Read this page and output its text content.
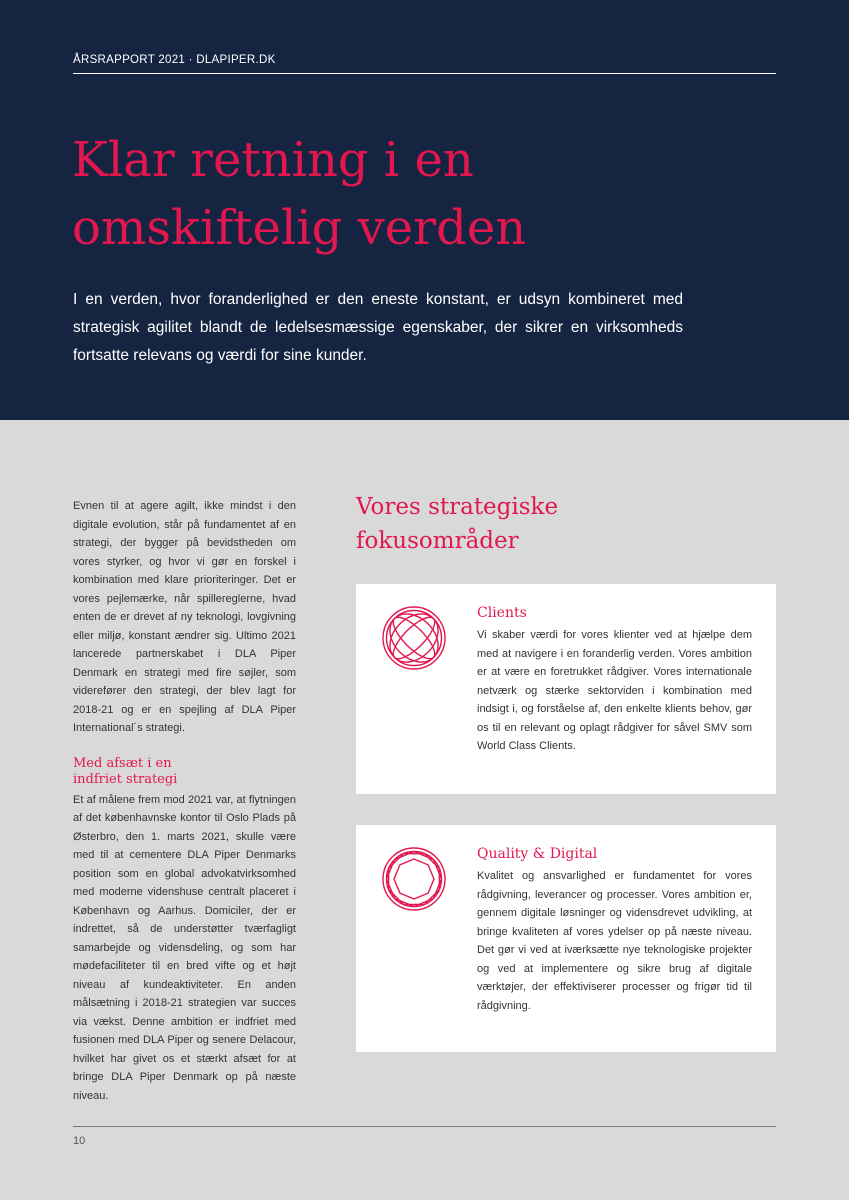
ÅRSRAPPORT 2021 · DLAPIPER.DK
Klar retning i en
omskiftelig verden

I en verden, hvor foranderlighed er den eneste konstant, er udsyn kombineret med strategisk agilitet blandt de ledelsesmæssige egenskaber, der sikrer en virksomheds fortsatte relevans og værdi for sine kunder.

Evnen til at agere agilt, ikke mindst i den digitale evolution, står på fundamentet af en strategi, der bygger på bevidstheden om vores styrker, og hvor vi gør en forskel i kombination med klare prioriteringer. Det er vores pejlemærke, når spillereglerne, hvad enten de er drevet af ny teknologi, lovgivning eller miljø, konstant ændrer sig. Ultimo 2021 lancerede partnerskabet i DLA Piper Denmark en strategi med fire søjler, som viderefører den strategi, der blev lagt for 2018-21 og er en spejling af DLA Piper International´s strategi.

Med afsæt i en
indfriet strategi

Et af målene frem mod 2021 var, at flytningen af det københavnske kontor til Oslo Plads på Østerbro, den 1. marts 2021, skulle være med til at cementere DLA Piper Denmarks position som en global advokatvirksomhed med moderne videnshuse centralt placeret i København og Aarhus. Domiciler, der er indrettet, så de understøtter tværfagligt samarbejde og vidensdeling, og som har mødefaciliteter til en bred vifte og et højt niveau af kundeaktiviteter. En anden målsætning i 2018-21 strategien var succes via vækst. Denne ambition er indfriet med fusionen med DLA Piper og senere Delacour, hvilket har givet os et stærkt afsæt for at bringe DLA Piper Denmark op på næste niveau.

Vores strategiske
fokusområder
Clients

Vi skaber værdi for vores klienter ved at hjælpe dem med at navigere i en foranderlig verden. Vores ambition er at være en foretrukket rådgiver. Vores internationale netværk og stærke sektorviden i kombination med indsigt i, og forståelse af, den enkelte klients behov, gør os til en relevant og oplagt rådgiver for såvel SMV som World Class Clients.

Quality & Digital

Kvalitet og ansvarlighed er fundamentet for vores rådgivning, leverancer og processer. Vores ambition er, gennem digitale løsninger og vidensdrevet udvikling, at bringe kvaliteten af vores ydelser op på næste niveau. Det gør vi ved at iværksætte nye teknologiske projekter og ved at implementere og sikre brug af digitale værktøjer, der effektiviserer processer og frigør tid til rådgivning.

10
